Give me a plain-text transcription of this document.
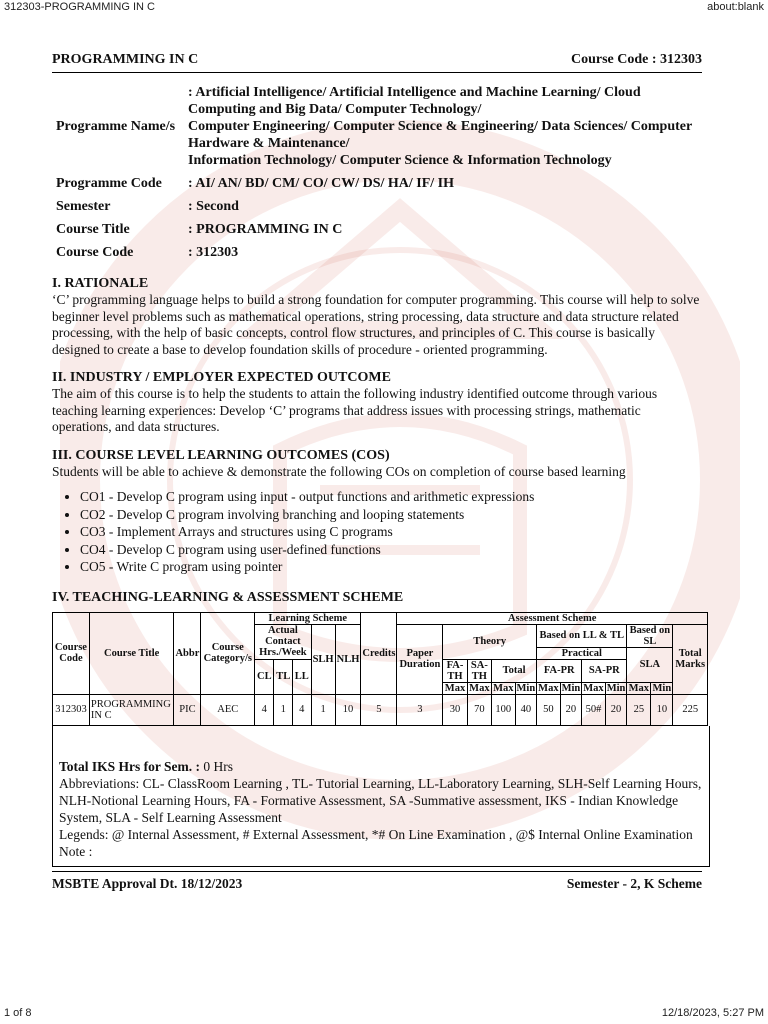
312303-PROGRAMMING IN C	about:blank
PROGRAMMING IN C	Course Code : 312303
Programme Name/s	: Artificial Intelligence/ Artificial Intelligence and Machine Learning/ Cloud Computing and Big Data/ Computer Technology/
Computer Engineering/ Computer Science & Engineering/ Data Sciences/ Computer Hardware & Maintenance/
Information Technology/ Computer Science & Information Technology

Programme Code	: AI/ AN/ BD/ CM/ CO/ CW/ DS/ HA/ IF/ IH
Semester	: Second
Course Title	: PROGRAMMING IN C
Course Code	: 312303
I. RATIONALE
‘C’ programming language helps to build a strong foundation for computer programming. This course will help to solve beginner level problems such as mathematical operations, string processing, data structure and data structure related processing, with the help of basic concepts, control flow structures, and principles of C. This course is basically designed to create a base to develop foundation skills of procedure - oriented programming.
II. INDUSTRY / EMPLOYER EXPECTED OUTCOME
The aim of this course is to help the students to attain the following industry identified outcome through various teaching learning experiences: Develop ‘C’ programs that address issues with processing strings, mathematic operations, and data structures.
III. COURSE LEVEL LEARNING OUTCOMES (COS)
Students will be able to achieve & demonstrate the following COs on completion of course based learning
• CO1 - Develop C program using input - output functions and arithmetic expressions
• CO2 - Develop C program involving branching and looping statements
• CO3 - Implement Arrays and structures using C programs
• CO4 - Develop C program using user-defined functions
• CO5 - Write C program using pointer
IV. TEACHING-LEARNING & ASSESSMENT SCHEME
Course Code	Course Title	Abbr	Course Category/s	Learning Scheme					Credits	Assessment Scheme											
				Actual Contact Hrs./Week			SLH	NLH		Paper Duration	Theory				Based on LL & TL				Based on SL		Total Marks
															Practical				SLA		
				CL	TL	LL					FA- TH	SA- TH	Total		FA-PR		SA-PR				
											Max	Max	Max	Min	Max	Min	Max	Min	Max	Min	
312303	PROGRAMMING IN C	PIC	AEC	4	1	4	1	10	5	3	30	70	100	40	50	20	50#	20	25	10	225
Total IKS Hrs for Sem. : 0 Hrs
Abbreviations: CL- ClassRoom Learning , TL- Tutorial Learning, LL-Laboratory Learning, SLH-Self Learning Hours, NLH-Notional Learning Hours, FA - Formative Assessment, SA -Summative assessment, IKS - Indian Knowledge System, SLA - Self Learning Assessment
Legends: @ Internal Assessment, # External Assessment, *# On Line Examination , @$ Internal Online Examination
Note :
MSBTE Approval Dt. 18/12/2023	Semester - 2, K Scheme
1 of 8	12/18/2023, 5:27 PM
